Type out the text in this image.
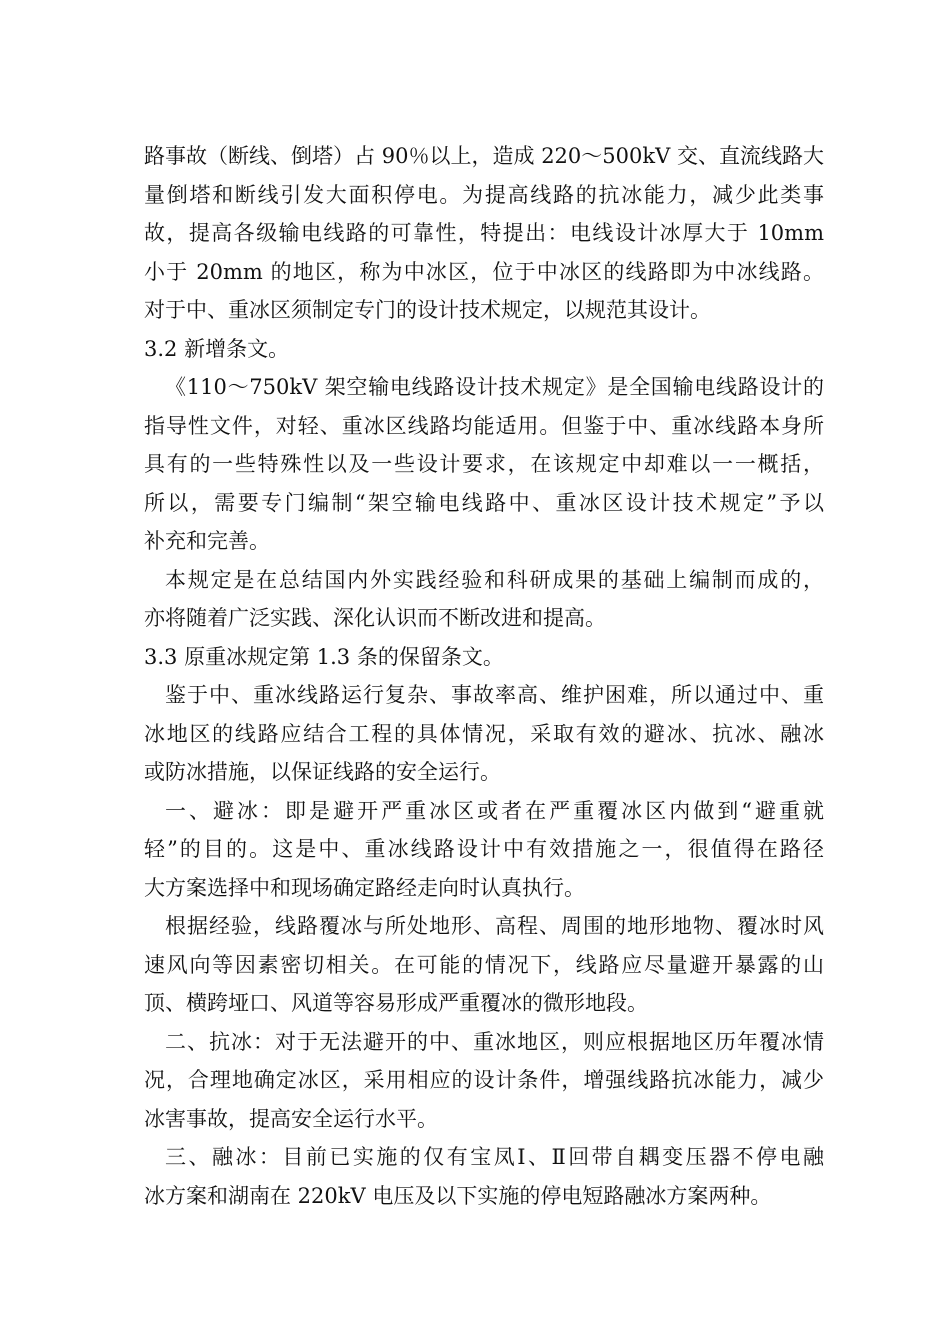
路事故（断线、倒塔）占 90％以上，造成 220～500kV 交、直流线路大
量倒塔和断线引发大面积停电。为提高线路的抗冰能力，减少此类事
故，提高各级输电线路的可靠性，特提出：电线设计冰厚大于 10mm
小于 20mm 的地区，称为中冰区，位于中冰区的线路即为中冰线路。
对于中、重冰区须制定专门的设计技术规定，以规范其设计。
3.2 新增条文。
《110～750kV 架空输电线路设计技术规定》是全国输电线路设计的
指导性文件，对轻、重冰区线路均能适用。但鉴于中、重冰线路本身所
具有的一些特殊性以及一些设计要求，在该规定中却难以一一概括，
所以，需要专门编制“架空输电线路中、重冰区设计技术规定”予以
补充和完善。
本规定是在总结国内外实践经验和科研成果的基础上编制而成的，
亦将随着广泛实践、深化认识而不断改进和提高。
3.3 原重冰规定第 1.3 条的保留条文。
鉴于中、重冰线路运行复杂、事故率高、维护困难，所以通过中、重
冰地区的线路应结合工程的具体情况，采取有效的避冰、抗冰、融冰
或防冰措施，以保证线路的安全运行。
一、避冰：即是避开严重冰区或者在严重覆冰区内做到“避重就
轻”的目的。这是中、重冰线路设计中有效措施之一，很值得在路径
大方案选择中和现场确定路经走向时认真执行。
根据经验，线路覆冰与所处地形、高程、周围的地形地物、覆冰时风
速风向等因素密切相关。在可能的情况下，线路应尽量避开暴露的山
顶、横跨垭口、风道等容易形成严重覆冰的微形地段。
二、抗冰：对于无法避开的中、重冰地区，则应根据地区历年覆冰情
况，合理地确定冰区，采用相应的设计条件，增强线路抗冰能力，减少
冰害事故，提高安全运行水平。
三、融冰：目前已实施的仅有宝凤Ⅰ、Ⅱ回带自耦变压器不停电融
冰方案和湖南在 220kV 电压及以下实施的停电短路融冰方案两种。
